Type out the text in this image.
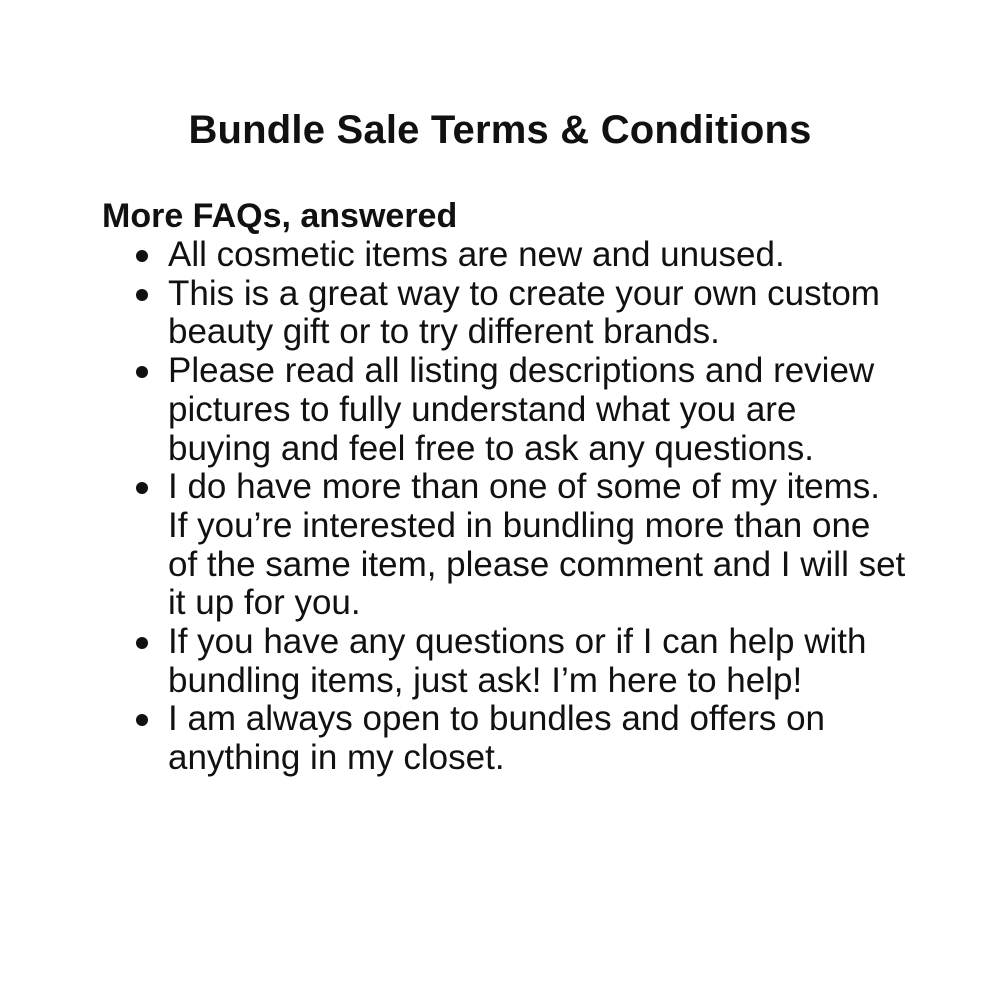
Bundle Sale Terms & Conditions
More FAQs, answered
All cosmetic items are new and unused.
This is a great way to create your own custom beauty gift or to try different brands.
Please read all listing descriptions and review pictures to fully understand what you are buying and feel free to ask any questions.
I do have more than one of some of my items. If you’re interested in bundling more than one of the same item, please comment and I will set it up for you.
If you have any questions or if I can help with bundling items, just ask! I’m here to help!
I am always open to bundles and offers on anything in my closet.
